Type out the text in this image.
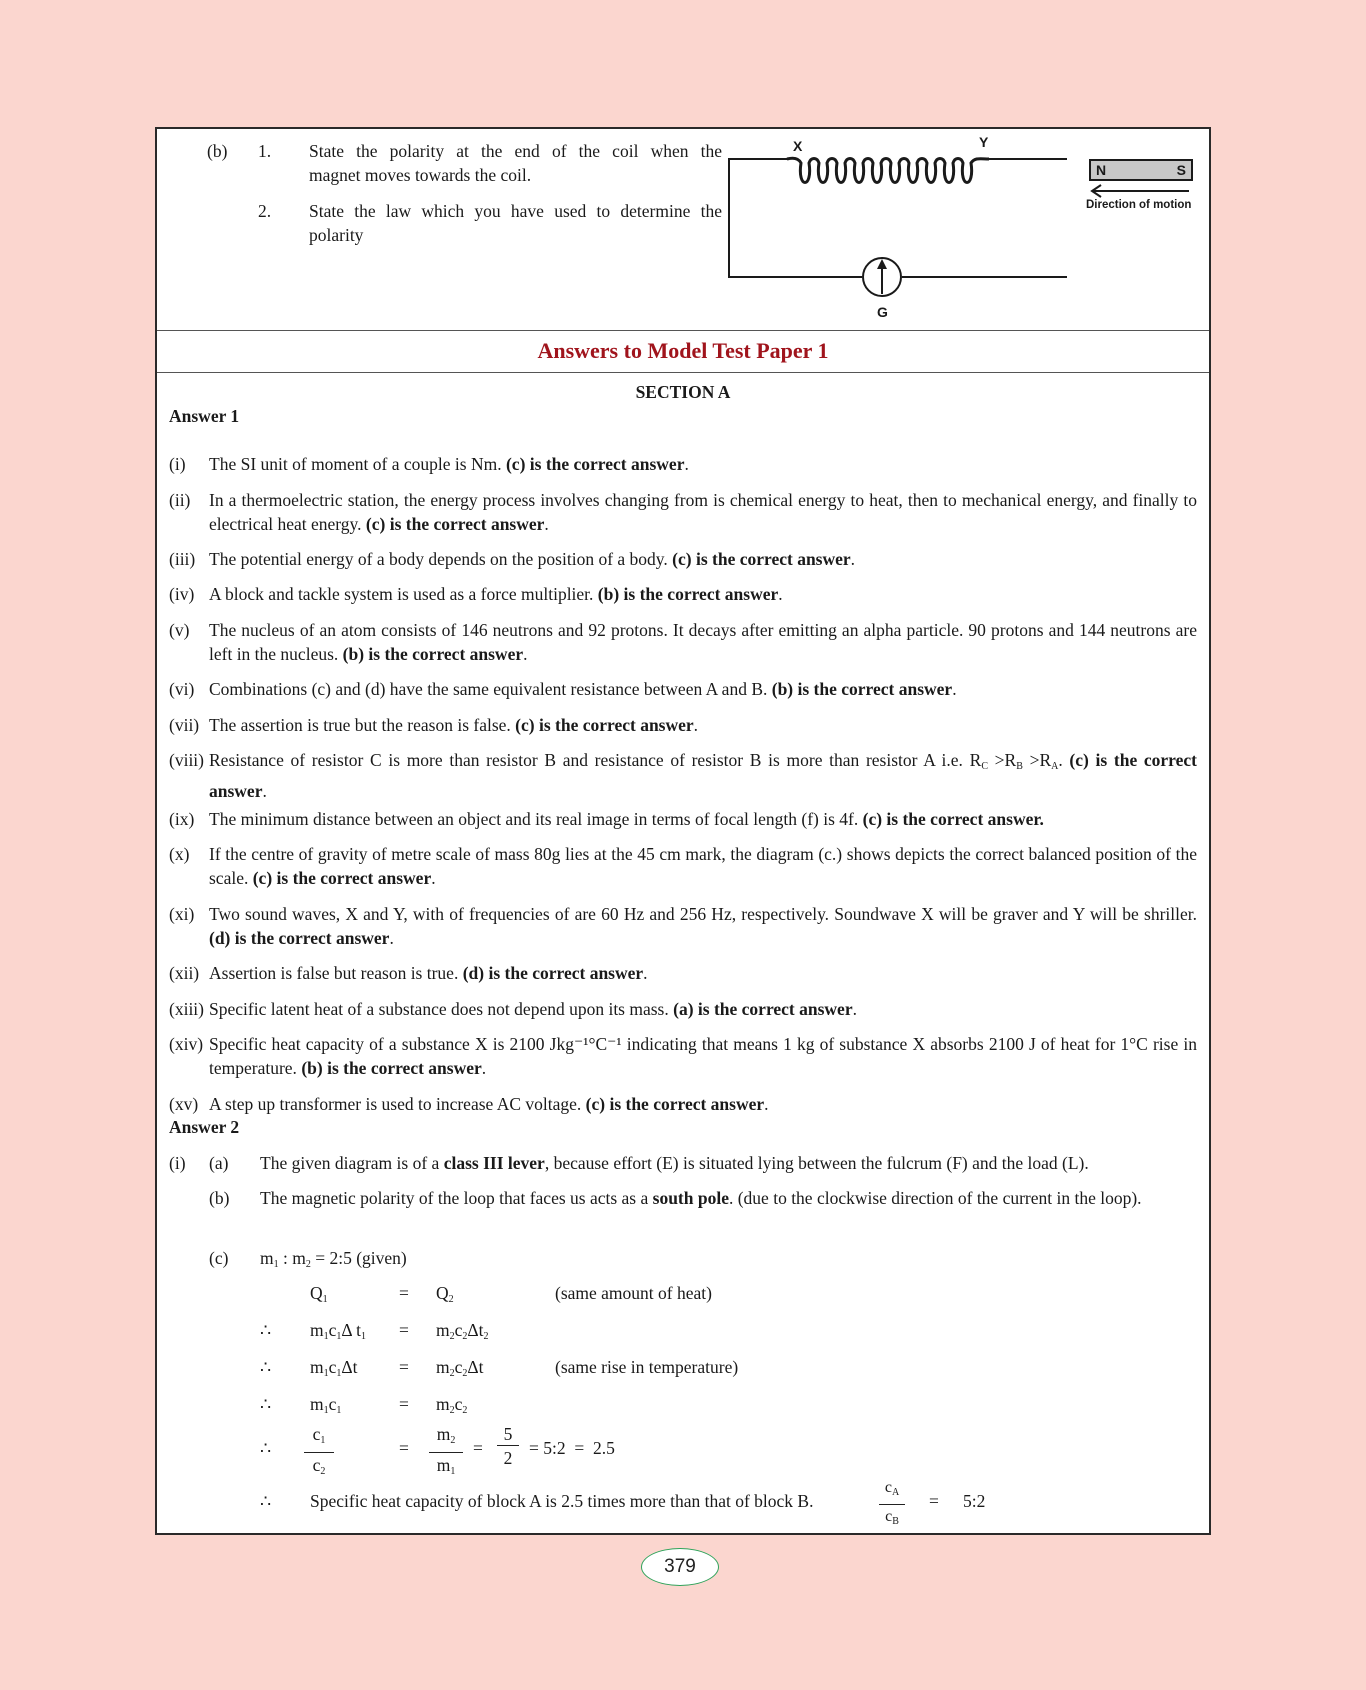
(b) 1. State the polarity at the end of the coil when the
magnet moves towards the coil.
2. State the law which you have used to determine the
polarity
X	Y
G
N	S
Direction of motion
Answers to Model Test Paper 1
SECTION A
Answer 1
(i) The SI unit of moment of a couple is Nm. (c) is the correct answer.
(ii) In a thermoelectric station, the energy process involves changing from is chemical energy to heat, then to mechanical energy, and finally to electrical heat energy. (c) is the correct answer.
(iii) The potential energy of a body depends on the position of a body. (c) is the correct answer.
(iv) A block and tackle system is used as a force multiplier. (b) is the correct answer.
(v) The nucleus of an atom consists of 146 neutrons and 92 protons. It decays after emitting an alpha particle. 90 protons and 144 neutrons are left in the nucleus. (b) is the correct answer.
(vi) Combinations (c) and (d) have the same equivalent resistance between A and B. (b) is the correct answer.
(vii) The assertion is true but the reason is false. (c) is the correct answer.
(viii) Resistance of resistor C is more than resistor B and resistance of resistor B is more than resistor A i.e. $R_C >R_B >R_A$. (c) is the correct answer.
(ix) The minimum distance between an object and its real image in terms of focal length (f) is 4f. (c) is the correct answer.
(x) If the centre of gravity of metre scale of mass 80g lies at the 45 cm mark, the diagram (c.) shows depicts the correct balanced position of the scale. (c) is the correct answer.
(xi) Two sound waves, X and Y, with of frequencies of are 60 Hz and 256 Hz, respectively. Soundwave X will be graver and Y will be shriller. (d) is the correct answer.
(xii) Assertion is false but reason is true. (d) is the correct answer.
(xiii) Specific latent heat of a substance does not depend upon its mass. (a) is the correct answer.
(xiv) Specific heat capacity of a substance X is 2100 Jkg⁻¹°C⁻¹ indicating that means 1 kg of substance X absorbs 2100 J of heat for 1°C rise in temperature. (b) is the correct answer.
(xv) A step up transformer is used to increase AC voltage. (c) is the correct answer.
Answer 2
(i) (a) The given diagram is of a class III lever, because effort (E) is situated lying between the fulcrum (F) and the load (L).
(b) The magnetic polarity of the loop that faces us acts as a south pole. (due to the clockwise direction of the current in the loop).
(c) $m_1$ : $m_2$ = 2:5 (given)
$Q_1$	= $Q_2$	(same amount of heat)
∴ $m_1c_1\Delta$ $t_1 = m_2c_2\Delta t_2$
∴ $m_1c_1\Delta t = m_2c_2\Delta t$	(same rise in temperature)
∴ $m_1c_1$	= $m_2c_2$
∴ $\frac{c_1}{c_2}$	= $\frac{m_2}{m_1} = \frac{5}{2}$ = 5:2  =  2.5
∴ Specific heat capacity of block A is 2.5 times more than that of block B.	$\frac{c_A}{c_B}$ = 5:2
379
